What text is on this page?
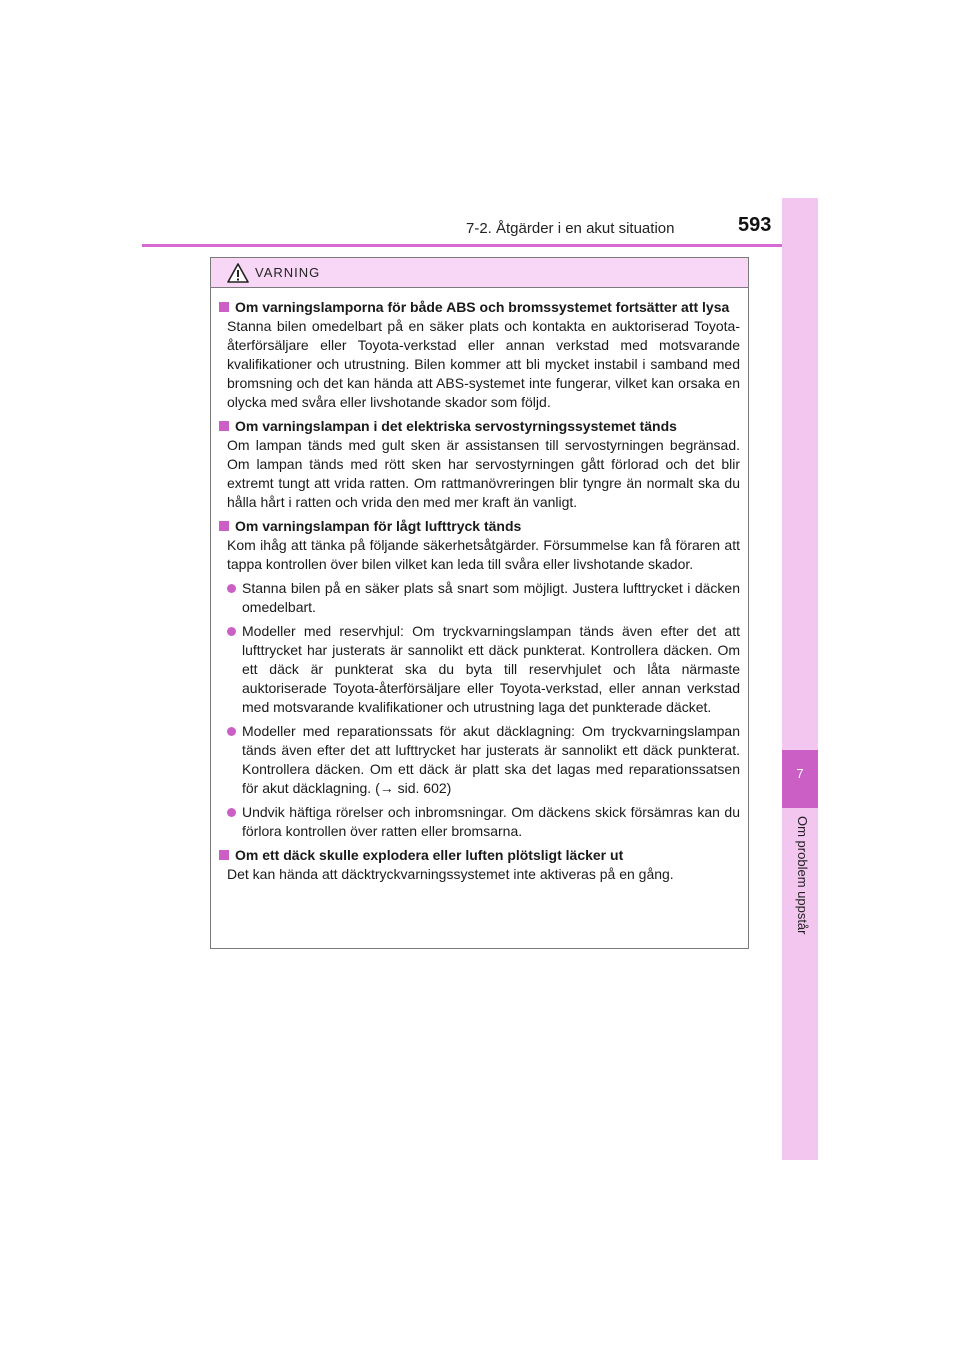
7-2. Åtgärder i en akut situation	593
7
Om problem uppstår
VARNING
Om varningslamporna för både ABS och bromssystemet fortsätter att lysa
Stanna bilen omedelbart på en säker plats och kontakta en auktoriserad Toyota-återförsäljare eller Toyota-verkstad eller annan verkstad med motsvarande kvalifikationer och utrustning. Bilen kommer att bli mycket instabil i samband med bromsning och det kan hända att ABS-systemet inte fungerar, vilket kan orsaka en olycka med svåra eller livshotande skador som följd.
Om varningslampan i det elektriska servostyrningssystemet tänds
Om lampan tänds med gult sken är assistansen till servostyrningen begränsad. Om lampan tänds med rött sken har servostyrningen gått förlorad och det blir extremt tungt att vrida ratten. Om rattmanövreringen blir tyngre än normalt ska du hålla hårt i ratten och vrida den med mer kraft än vanligt.
Om varningslampan för lågt lufttryck tänds
Kom ihåg att tänka på följande säkerhetsåtgärder. Försummelse kan få föraren att tappa kontrollen över bilen vilket kan leda till svåra eller livshotande skador.
Stanna bilen på en säker plats så snart som möjligt. Justera lufttrycket i däcken omedelbart.
Modeller med reservhjul: Om tryckvarningslampan tänds även efter det att lufttrycket har justerats är sannolikt ett däck punkterat. Kontrollera däcken. Om ett däck är punkterat ska du byta till reservhjulet och låta närmaste auktoriserade Toyota-återförsäljare eller Toyota-verkstad, eller annan verkstad med motsvarande kvalifikationer och utrustning laga det punkterade däcket.
Modeller med reparationssats för akut däcklagning: Om tryckvarningslampan tänds även efter det att lufttrycket har justerats är sannolikt ett däck punkterat. Kontrollera däcken. Om ett däck är platt ska det lagas med reparationssatsen för akut däcklagning. (→ sid. 602)
Undvik häftiga rörelser och inbromsningar. Om däckens skick försämras kan du förlora kontrollen över ratten eller bromsarna.
Om ett däck skulle explodera eller luften plötsligt läcker ut
Det kan hända att däcktryckvarningssystemet inte aktiveras på en gång.
